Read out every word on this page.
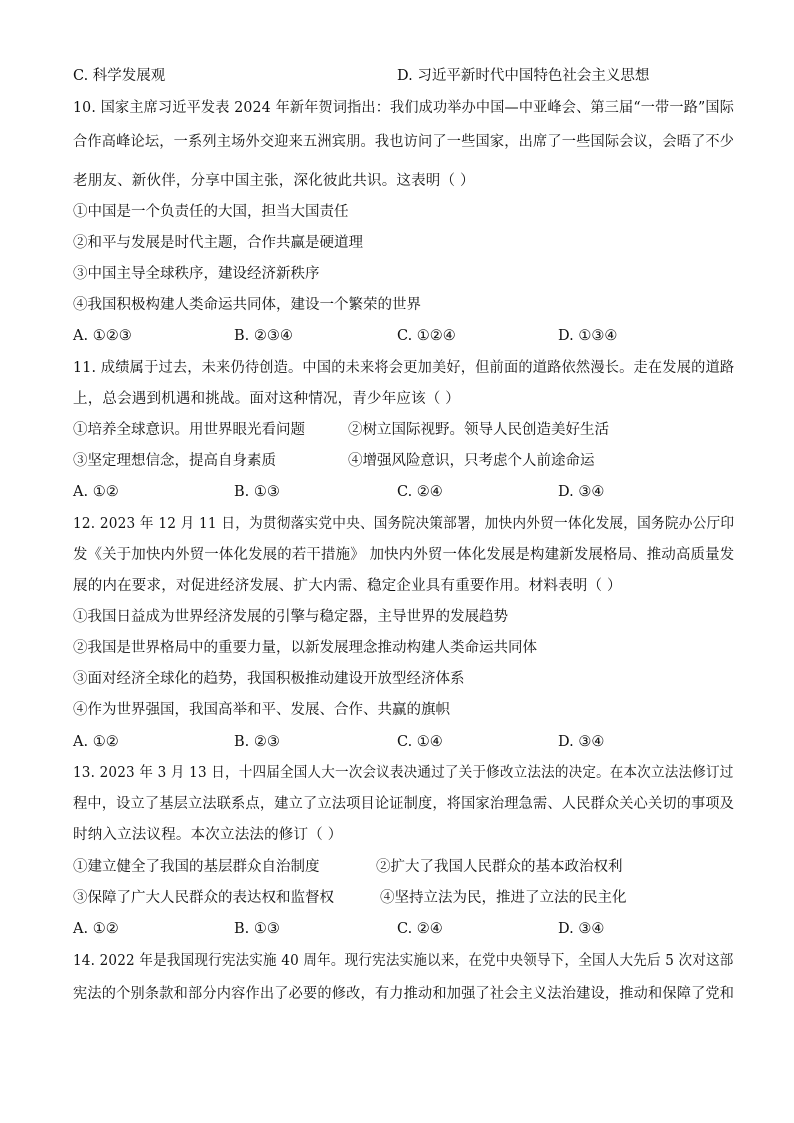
C. 科学发展观	D. 习近平新时代中国特色社会主义思想
10. 国家主席习近平发表 2024 年新年贺词指出：我们成功举办中国—中亚峰会、第三届“一带一路”国际
合作高峰论坛，一系列主场外交迎来五洲宾朋。我也访问了一些国家，出席了一些国际会议，会晤了不少
老朋友、新伙伴，分享中国主张，深化彼此共识。这表明（ ）
①中国是一个负责任的大国，担当大国责任
②和平与发展是时代主题，合作共赢是硬道理
③中国主导全球秩序，建设经济新秩序
④我国积极构建人类命运共同体，建设一个繁荣的世界
A. ①②③	B. ②③④	C. ①②④	D. ①③④
11. 成绩属于过去，未来仍待创造。中国的未来将会更加美好，但前面的道路依然漫长。走在发展的道路
上，总会遇到机遇和挑战。面对这种情况，青少年应该（ ）
①培养全球意识。用世界眼光看问题	②树立国际视野。领导人民创造美好生活
③坚定理想信念，提高自身素质	④增强风险意识，只考虑个人前途命运
A. ①②	B. ①③	C. ②④	D. ③④
12. 2023 年 12 月 11 日，为贯彻落实党中央、国务院决策部署，加快内外贸一体化发展，国务院办公厅印
发《关于加快内外贸一体化发展的若干措施》 加快内外贸一体化发展是构建新发展格局、推动高质量发
展的内在要求，对促进经济发展、扩大内需、稳定企业具有重要作用。材料表明（ ）
①我国日益成为世界经济发展的引擎与稳定器，主导世界的发展趋势
②我国是世界格局中的重要力量，以新发展理念推动构建人类命运共同体
③面对经济全球化的趋势，我国积极推动建设开放型经济体系
④作为世界强国，我国高举和平、发展、合作、共赢的旗帜
A. ①②	B. ②③	C. ①④	D. ③④
13. 2023 年 3 月 13 日，十四届全国人大一次会议表决通过了关于修改立法法的决定。在本次立法法修订过
程中，设立了基层立法联系点，建立了立法项目论证制度，将国家治理急需、人民群众关心关切的事项及
时纳入立法议程。本次立法法的修订（ ）
①建立健全了我国的基层群众自治制度	②扩大了我国人民群众的基本政治权利
③保障了广大人民群众的表达权和监督权	④坚持立法为民，推进了立法的民主化
A. ①②	B. ①③	C. ②④	D. ③④
14. 2022 年是我国现行宪法实施 40 周年。现行宪法实施以来，在党中央领导下，全国人大先后 5 次对这部
宪法的个别条款和部分内容作出了必要的修改，有力推动和加强了社会主义法治建设，推动和保障了党和
